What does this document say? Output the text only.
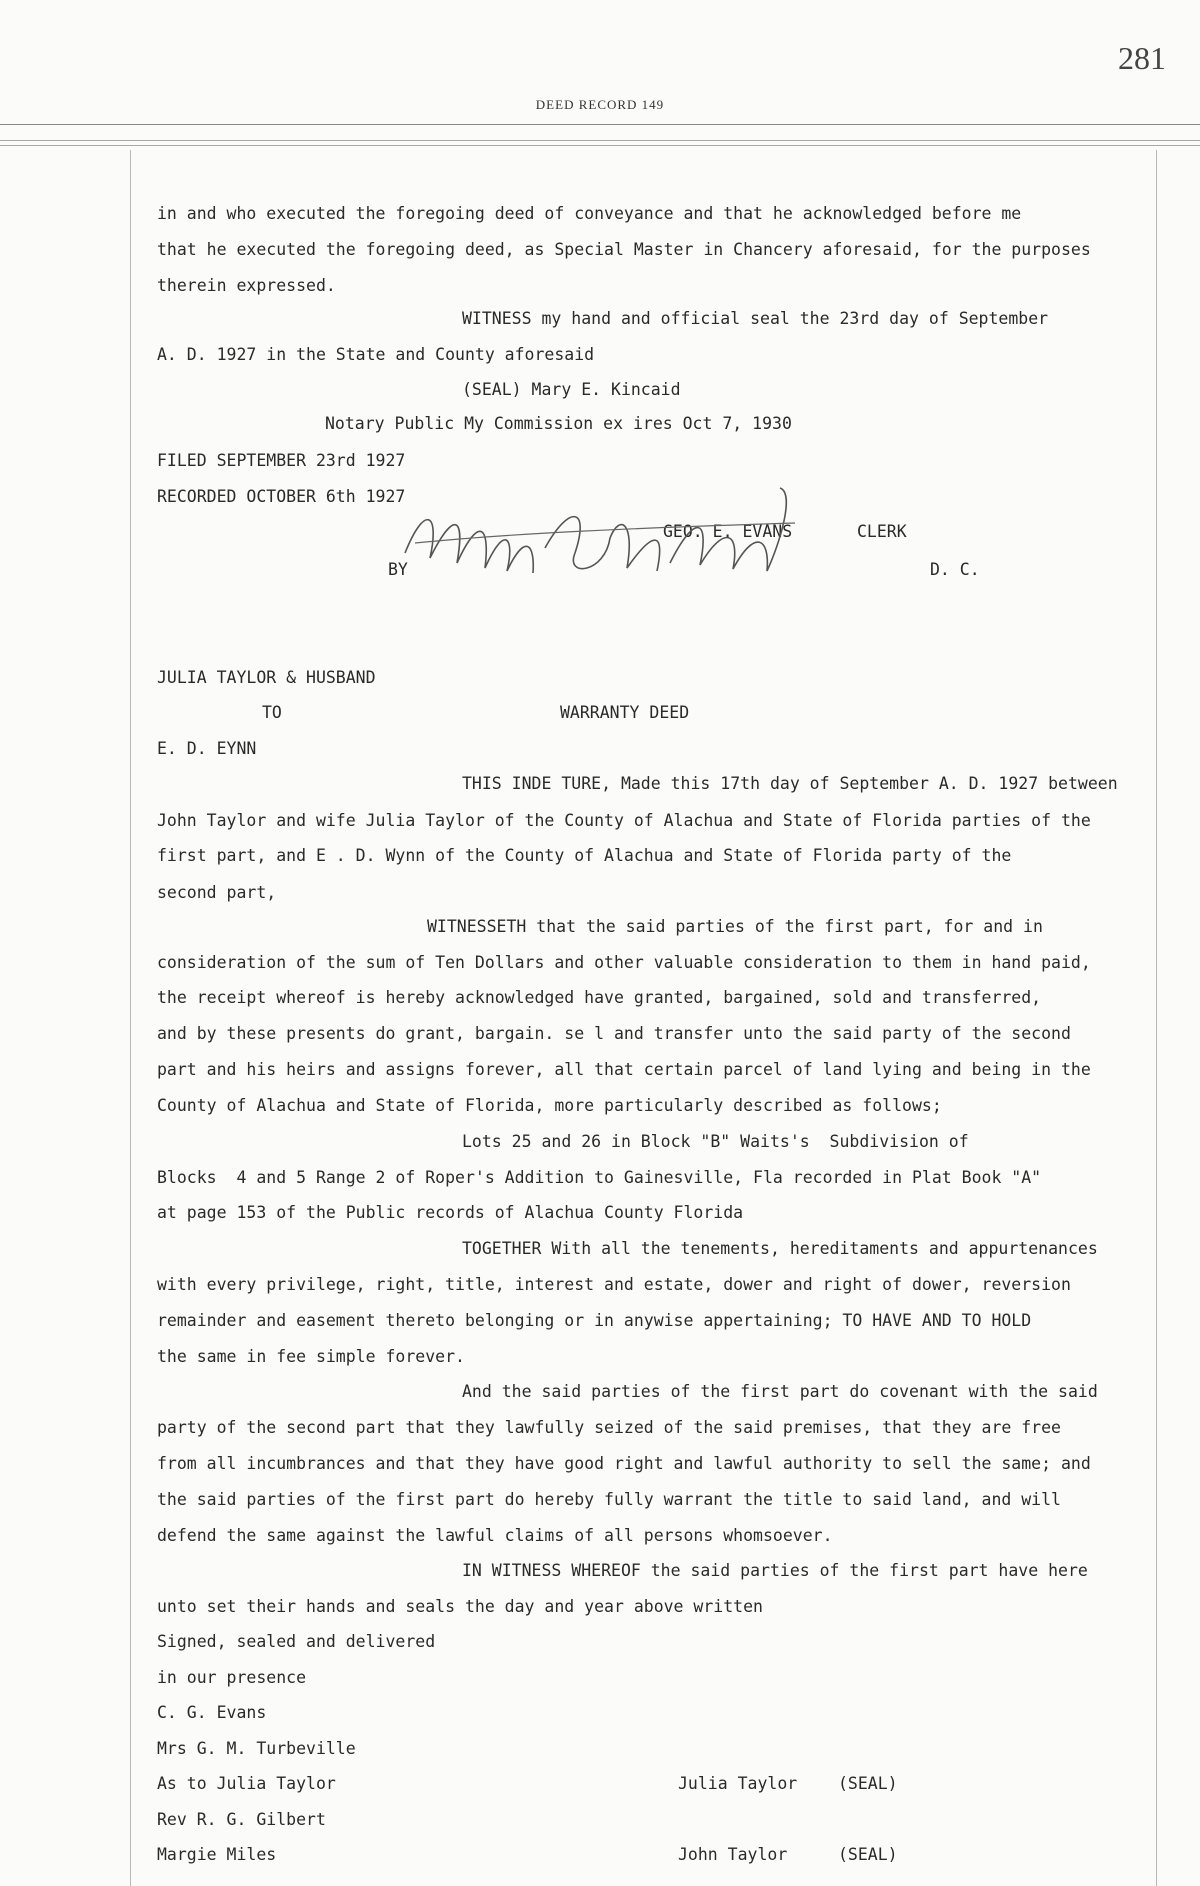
281
DEED RECORD 149
in and who executed the foregoing deed of conveyance and that he acknowledged before me
that he executed the foregoing deed, as Special Master in Chancery aforesaid, for the purposes
therein expressed.
WITNESS my hand and official seal the 23rd day of September
A. D. 1927 in the State and County aforesaid
(SEAL) Mary E. Kincaid
Notary Public My Commission ex ires Oct 7, 1930
FILED SEPTEMBER 23rd 1927
RECORDED OCTOBER 6th 1927
GEO. E. EVANS	CLERK
BY	D. C.
JULIA TAYLOR & HUSBAND
TO	WARRANTY DEED
E. D. EYNN
THIS INDE TURE, Made this 17th day of September A. D. 1927 between
John Taylor and wife Julia Taylor of the County of Alachua and State of Florida parties of the
first part, and E . D. Wynn of the County of Alachua and State of Florida party of the
second part,
WITNESSETH that the said parties of the first part, for and in
consideration of the sum of Ten Dollars and other valuable consideration to them in hand paid,
the receipt whereof is hereby acknowledged have granted, bargained, sold and transferred,
and by these presents do grant, bargain. se l and transfer unto the said party of the second
part and his heirs and assigns forever, all that certain parcel of land lying and being in the
County of Alachua and State of Florida, more particularly described as follows;
Lots 25 and 26 in Block "B" Waits's  Subdivision of
Blocks  4 and 5 Range 2 of Roper's Addition to Gainesville, Fla recorded in Plat Book "A"
at page 153 of the Public records of Alachua County Florida
TOGETHER With all the tenements, hereditaments and appurtenances
with every privilege, right, title, interest and estate, dower and right of dower, reversion
remainder and easement thereto belonging or in anywise appertaining; TO HAVE AND TO HOLD
the same in fee simple forever.
And the said parties of the first part do covenant with the said
party of the second part that they lawfully seized of the said premises, that they are free
from all incumbrances and that they have good right and lawful authority to sell the same; and
the said parties of the first part do hereby fully warrant the title to said land, and will
defend the same against the lawful claims of all persons whomsoever.
IN WITNESS WHEREOF the said parties of the first part have here
unto set their hands and seals the day and year above written
Signed, sealed and delivered
in our presence
C. G. Evans
Mrs G. M. Turbeville
As to Julia Taylor
Rev R. G. Gilbert
Margie Miles
Julia Taylor (SEAL)
John Taylor	(SEAL)
